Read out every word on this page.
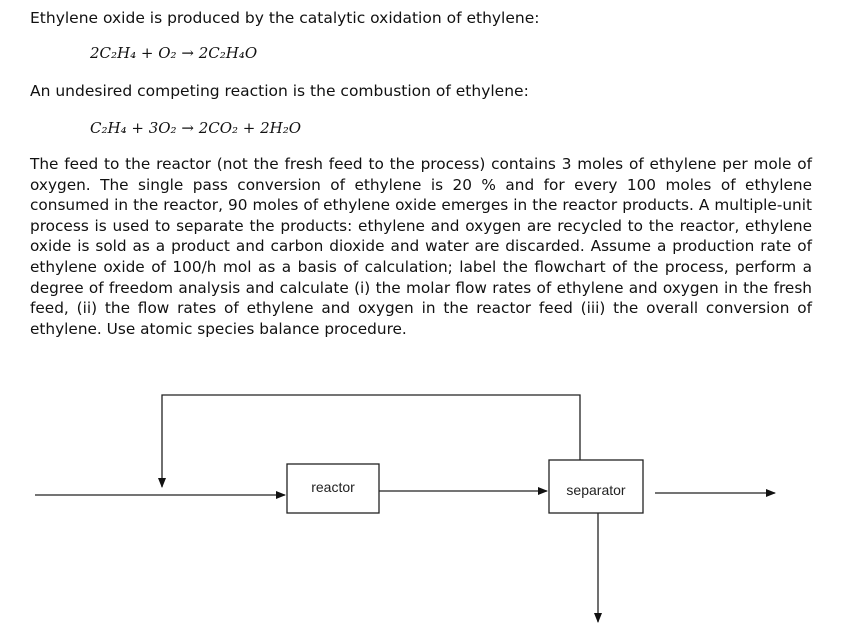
Ethylene oxide is produced by the catalytic oxidation of ethylene:
2C₂H₄ + O₂ → 2C₂H₄O
An undesired competing reaction is the combustion of ethylene:
C₂H₄ + 3O₂ → 2CO₂ + 2H₂O
The feed to the reactor (not the fresh feed to the process) contains 3 moles of ethylene per mole of oxygen. The single pass conversion of ethylene is 20 % and for every 100 moles of ethylene consumed in the reactor, 90 moles of ethylene oxide emerges in the reactor products. A multiple-unit process is used to separate the products: ethylene and oxygen are recycled to the reactor, ethylene oxide is sold as a product and carbon dioxide and water are discarded. Assume a production rate of ethylene oxide of 100/h mol as a basis of calculation; label the flowchart of the process, perform a degree of freedom analysis and calculate (i) the molar flow rates of ethylene and oxygen in the fresh feed, (ii) the flow rates of ethylene and oxygen in the reactor feed (iii) the overall conversion of ethylene. Use atomic species balance procedure.
reactor	separator
